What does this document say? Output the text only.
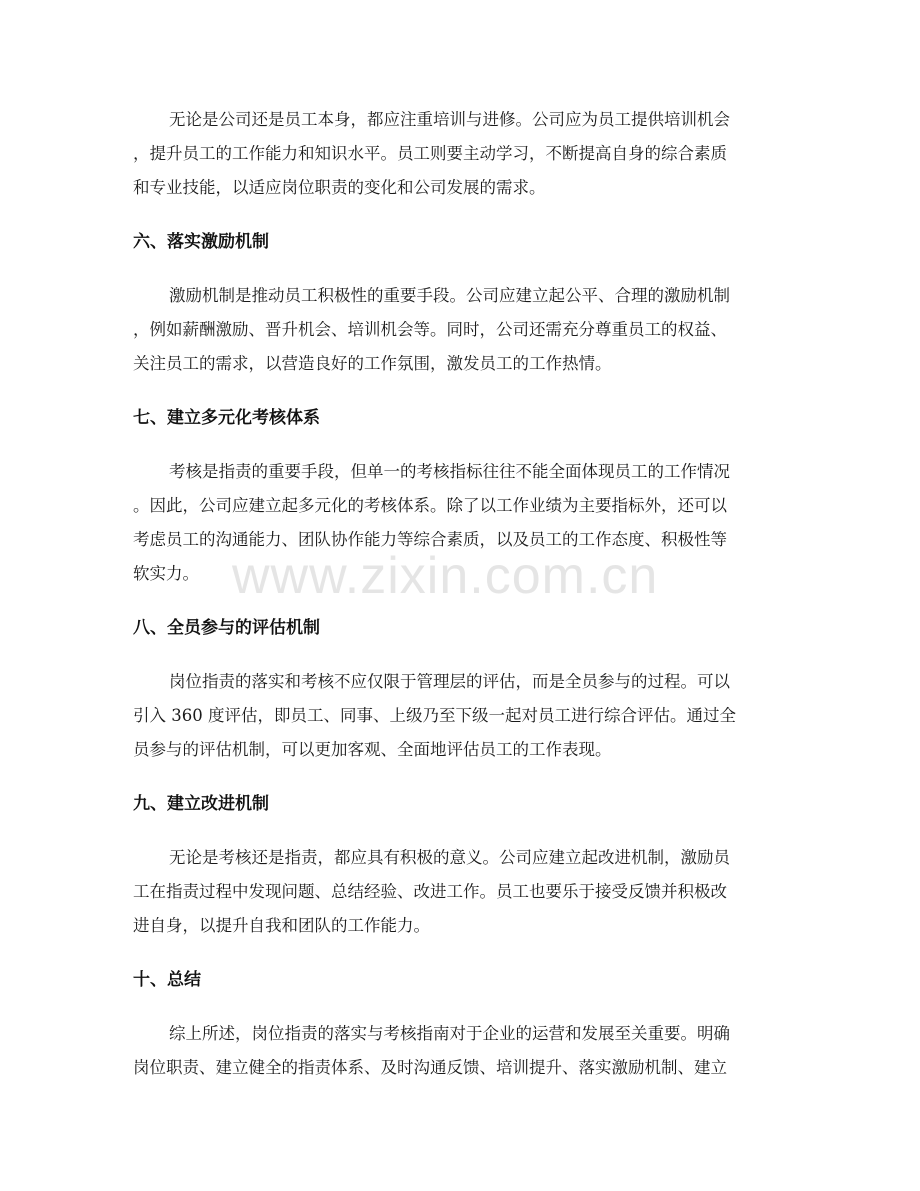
无论是公司还是员工本身，都应注重培训与进修。公司应为员工提供培训机会
，提升员工的工作能力和知识水平。员工则要主动学习，不断提高自身的综合素质
和专业技能，以适应岗位职责的变化和公司发展的需求。

六、落实激励机制

激励机制是推动员工积极性的重要手段。公司应建立起公平、合理的激励机制
，例如薪酬激励、晋升机会、培训机会等。同时，公司还需充分尊重员工的权益、
关注员工的需求，以营造良好的工作氛围，激发员工的工作热情。

七、建立多元化考核体系

考核是指责的重要手段，但单一的考核指标往往不能全面体现员工的工作情况
。因此，公司应建立起多元化的考核体系。除了以工作业绩为主要指标外，还可以
考虑员工的沟通能力、团队协作能力等综合素质，以及员工的工作态度、积极性等
软实力。

八、全员参与的评估机制

岗位指责的落实和考核不应仅限于管理层的评估，而是全员参与的过程。可以
引入 360 度评估，即员工、同事、上级乃至下级一起对员工进行综合评估。通过全
员参与的评估机制，可以更加客观、全面地评估员工的工作表现。

九、建立改进机制

无论是考核还是指责，都应具有积极的意义。公司应建立起改进机制，激励员
工在指责过程中发现问题、总结经验、改进工作。员工也要乐于接受反馈并积极改
进自身，以提升自我和团队的工作能力。

十、总结

综上所述，岗位指责的落实与考核指南对于企业的运营和发展至关重要。明确
岗位职责、建立健全的指责体系、及时沟通反馈、培训提升、落实激励机制、建立

www.zixin.com.cn
